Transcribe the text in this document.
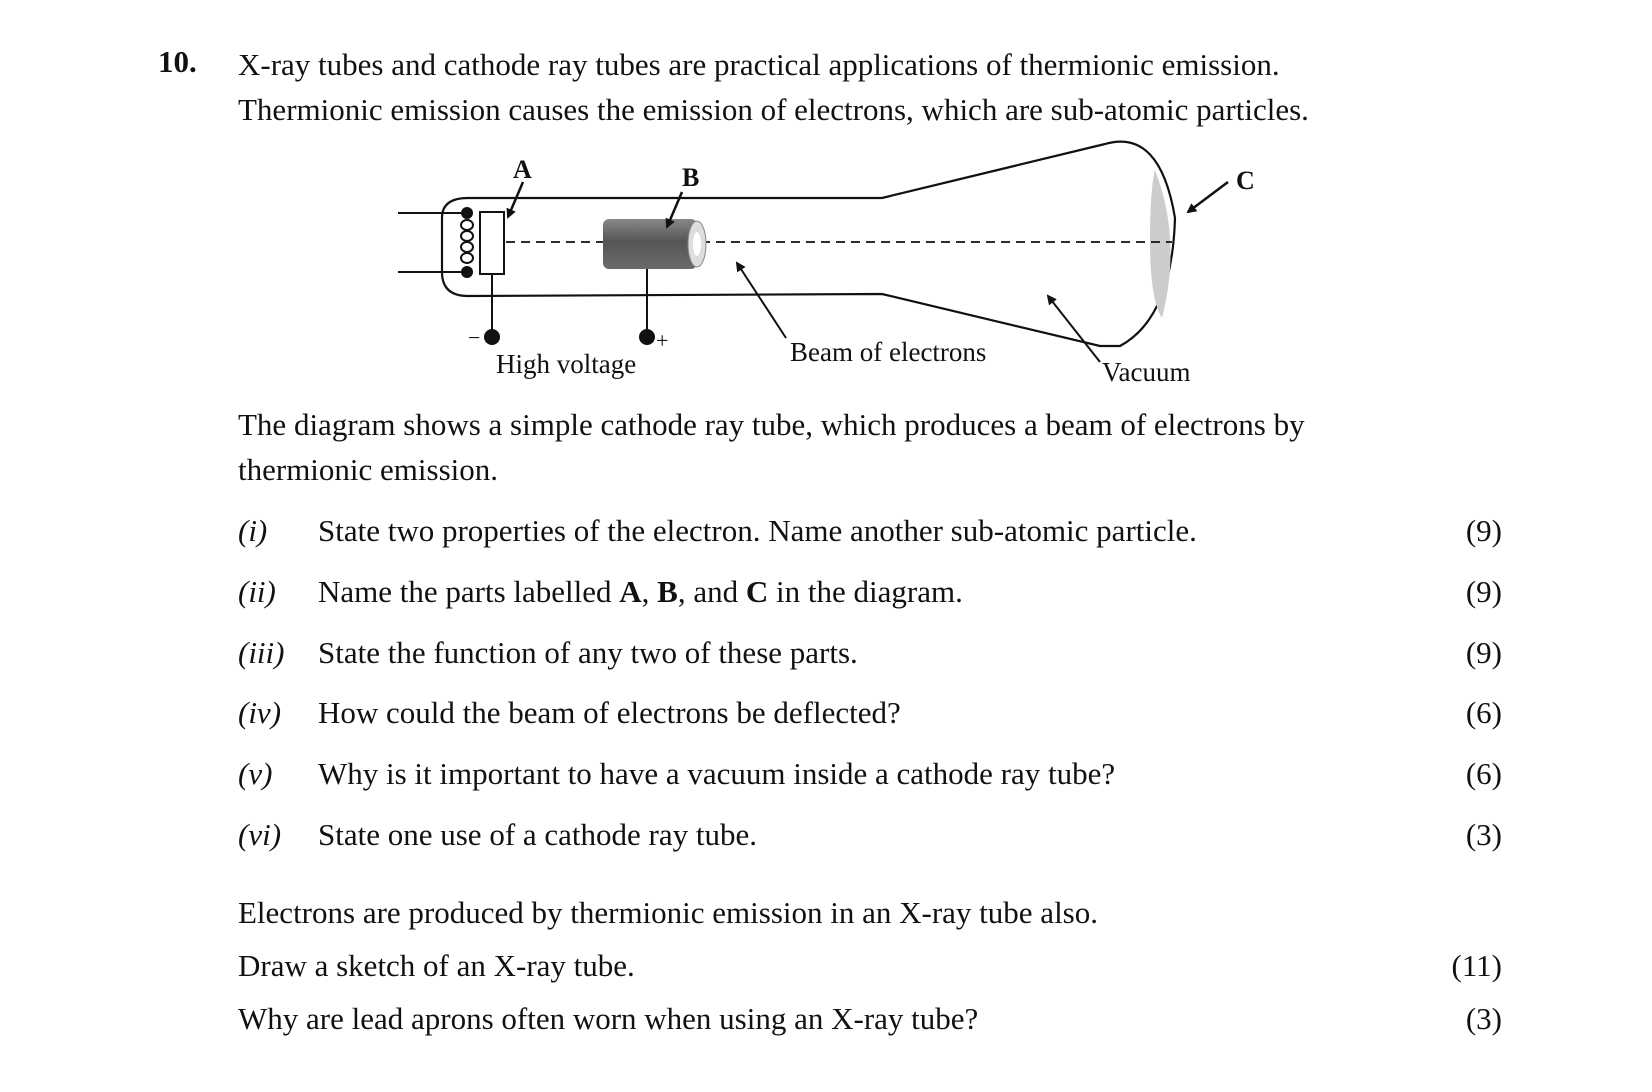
10. X-ray tubes and cathode ray tubes are practical applications of thermionic emission.
Thermionic emission causes the emission of electrons, which are sub-atomic particles.
−	+
High voltage
A	B	C
Beam of electrons
Vacuum
The diagram shows a simple cathode ray tube, which produces a beam of electrons by
thermionic emission.
(i) State two properties of the electron. Name another sub-atomic particle.	(9)
(ii) Name the parts labelled A, B, and C in the diagram.	(9)
(iii) State the function of any two of these parts.	(9)
(iv) How could the beam of electrons be deflected?	(6)
(v) Why is it important to have a vacuum inside a cathode ray tube?	(6)
(vi) State one use of a cathode ray tube.	(3)
Electrons are produced by thermionic emission in an X-ray tube also.
Draw a sketch of an X-ray tube.	(11)
Why are lead aprons often worn when using an X-ray tube?	(3)
